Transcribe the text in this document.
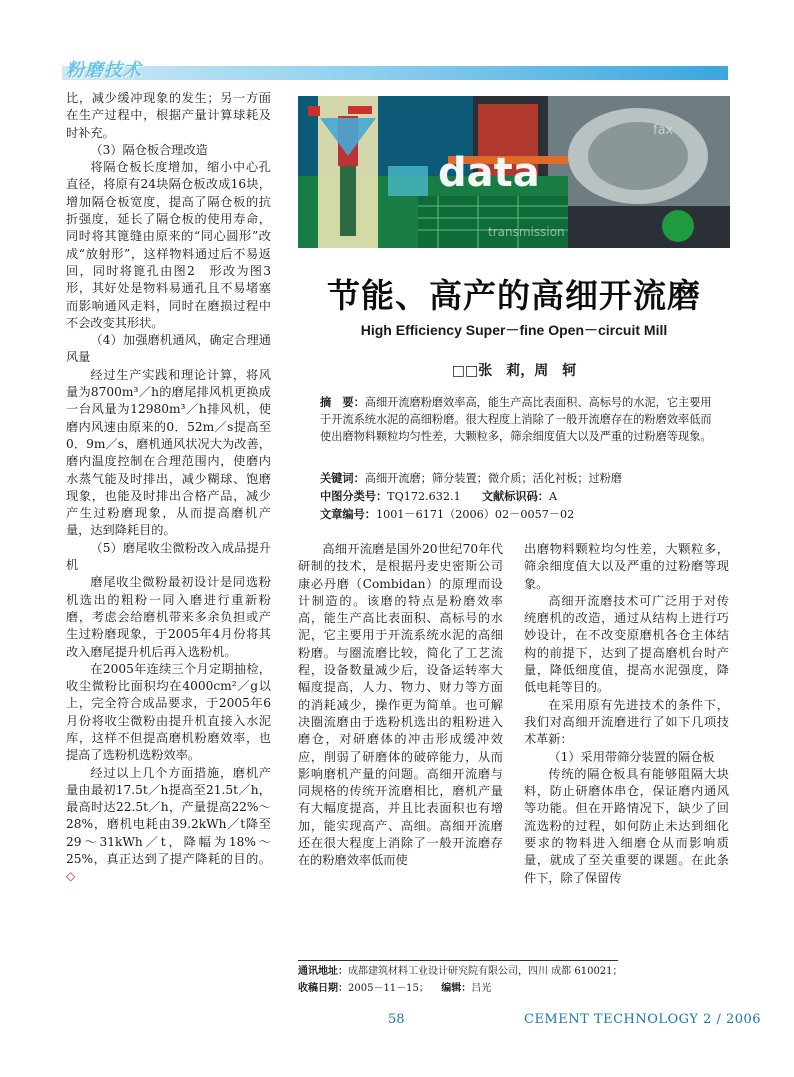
粉磨技术

比，减少缓冲现象的发生；另一方面在生产过程中，根据产量计算球耗及时补充。

（3）隔仓板合理改造

将隔仓板长度增加，缩小中心孔直径，将原有24块隔仓板改成16块，增加隔仓板宽度，提高了隔仓板的抗折强度，延长了隔仓板的使用寿命，同时将其篦缝由原来的“同心圆形”改成“放射形”，这样物料通过后不易返回，同时将篦孔由图2　形改为图3形，其好处是物料易通孔且不易堵塞而影响通风走料，同时在磨损过程中不会改变其形状。

（4）加强磨机通风，确定合理通风量

经过生产实践和理论计算，将风量为8700m³／h的磨尾排风机更换成一台风量为12980m³／h排风机，使磨内风速由原来的0．52m／s提高至0．9m／s，磨机通风状况大为改善，磨内温度控制在合理范围内，使磨内水蒸气能及时排出，减少糊球、饱磨现象，也能及时排出合格产品，减少产生过粉磨现象，从而提高磨机产量，达到降耗目的。

（5）磨尾收尘微粉改入成品提升机

磨尾收尘微粉最初设计是同选粉机选出的粗粉一同入磨进行重新粉磨，考虑会给磨机带来多余负担或产生过粉磨现象，于2005年4月份将其改入磨尾提升机后再入选粉机。

在2005年连续三个月定期抽检，收尘微粉比面积均在4000cm²／g以上，完全符合成品要求，于2005年6月份将收尘微粉由提升机直接入水泥库，这样不但提高磨机粉磨效率，也提高了选粉机选粉效率。

经过以上几个方面措施，磨机产量由最初17.5t／h提高至21.5t／h，最高时达22.5t／h，产量提高22%～28%，磨机电耗由39.2kWh／t降至29～31kWh／t，降幅为18%～25%，真正达到了提产降耗的目的。◇

fax
data
transmission
节能、高产的高细开流磨
High Efficiency Super－fine Open－circuit Mill
□□张　莉，周　轲
摘　要：高细开流磨粉磨效率高，能生产高比表面积、高标号的水泥，它主要用于开流系统水泥的高细粉磨。很大程度上消除了一般开流磨存在的粉磨效率低而使出磨物料颗粒均匀性差，大颗粒多，筛余细度值大以及严重的过粉磨等现象。
关键词：高细开流磨；筛分装置；微介质；活化衬板；过粉磨
中图分类号：TQ172.632.1 文献标识码：A
文章编号：1001－6171（2006）02－0057－02

高细开流磨是国外20世纪70年代研制的技术，是根据丹麦史密斯公司康必丹磨（Combidan）的原理而设计制造的。该磨的特点是粉磨效率高，能生产高比表面积、高标号的水泥，它主要用于开流系统水泥的高细粉磨。与圈流磨比较，简化了工艺流程，设备数量减少后，设备运转率大幅度提高，人力、物力、财力等方面的消耗减少，操作更为简单。也可解决圈流磨由于选粉机选出的粗粉进入磨仓，对研磨体的冲击形成缓冲效应，削弱了研磨体的破碎能力，从而影响磨机产量的问题。高细开流磨与同规格的传统开流磨相比，磨机产量有大幅度提高，并且比表面积也有增加，能实现高产、高细。高细开流磨还在很大程度上消除了一般开流磨存在的粉磨效率低而使

出磨物料颗粒均匀性差，大颗粒多，筛余细度值大以及严重的过粉磨等现象。

高细开流磨技术可广泛用于对传统磨机的改造，通过从结构上进行巧妙设计，在不改变原磨机各仓主体结构的前提下，达到了提高磨机台时产量，降低细度值，提高水泥强度，降低电耗等目的。

在采用原有先进技术的条件下，我们对高细开流磨进行了如下几项技术革新：

（1）采用带筛分装置的隔仓板

传统的隔仓板具有能够阻隔大块料，防止研磨体串仓，保证磨内通风等功能。但在开路情况下，缺少了回流选粉的过程，如何防止未达到细化要求的物料进入细磨仓从而影响质量，就成了至关重要的课题。在此条件下，除了保留传

通讯地址：成都建筑材料工业设计研究院有限公司，四川 成都 610021；
收稿日期：2005－11－15； 编辑：吕光
58	CEMENT TECHNOLOGY 2 / 2006
